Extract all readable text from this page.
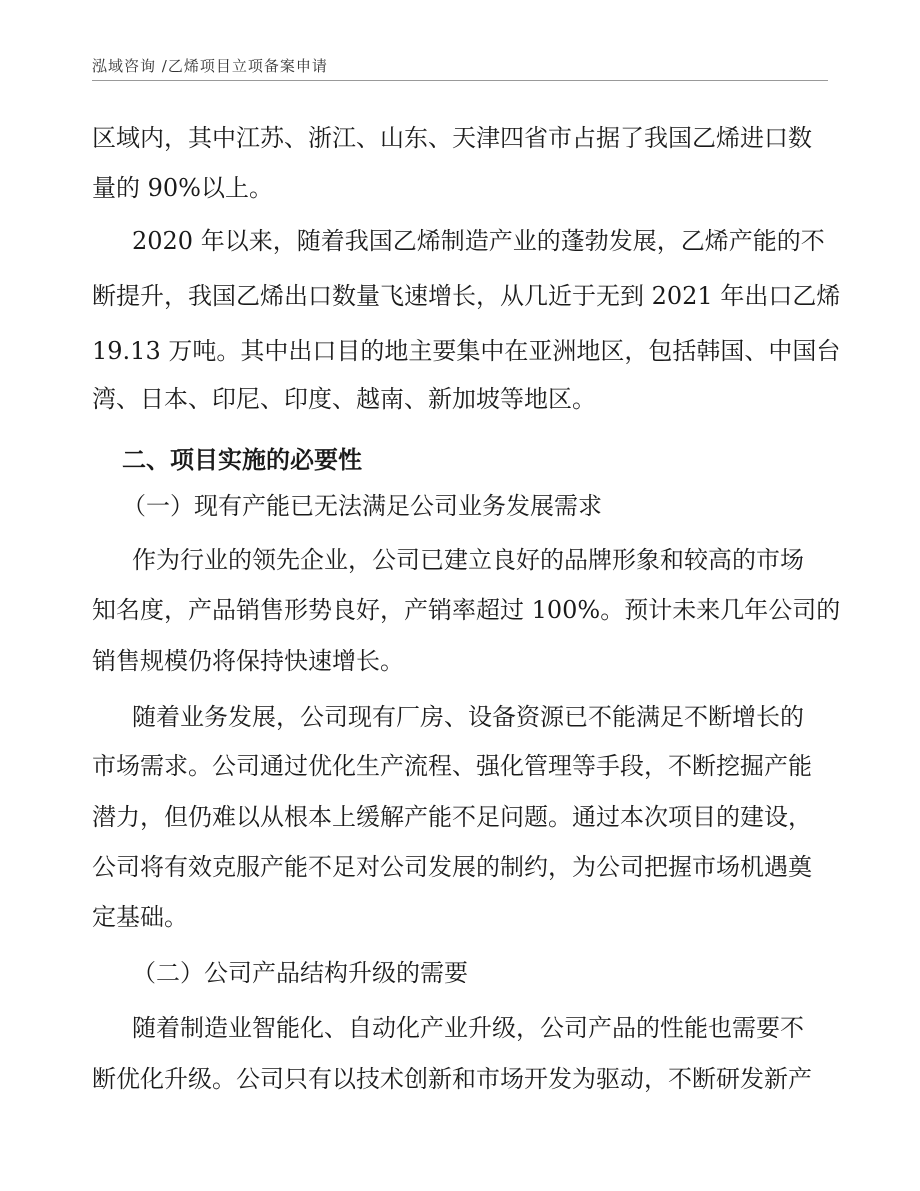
泓域咨询 /乙烯项目立项备案申请
区域内，其中江苏、浙江、山东、天津四省市占据了我国乙烯进口数
量的 90%以上。
2020 年以来，随着我国乙烯制造产业的蓬勃发展，乙烯产能的不
断提升，我国乙烯出口数量飞速增长，从几近于无到 2021 年出口乙烯
19.13 万吨。其中出口目的地主要集中在亚洲地区，包括韩国、中国台
湾、日本、印尼、印度、越南、新加坡等地区。
二、项目实施的必要性
（一）现有产能已无法满足公司业务发展需求
作为行业的领先企业，公司已建立良好的品牌形象和较高的市场
知名度，产品销售形势良好，产销率超过 100%。预计未来几年公司的
销售规模仍将保持快速增长。
随着业务发展，公司现有厂房、设备资源已不能满足不断增长的
市场需求。公司通过优化生产流程、强化管理等手段，不断挖掘产能
潜力，但仍难以从根本上缓解产能不足问题。通过本次项目的建设，
公司将有效克服产能不足对公司发展的制约，为公司把握市场机遇奠
定基础。
（二）公司产品结构升级的需要
随着制造业智能化、自动化产业升级，公司产品的性能也需要不
断优化升级。公司只有以技术创新和市场开发为驱动，不断研发新产
